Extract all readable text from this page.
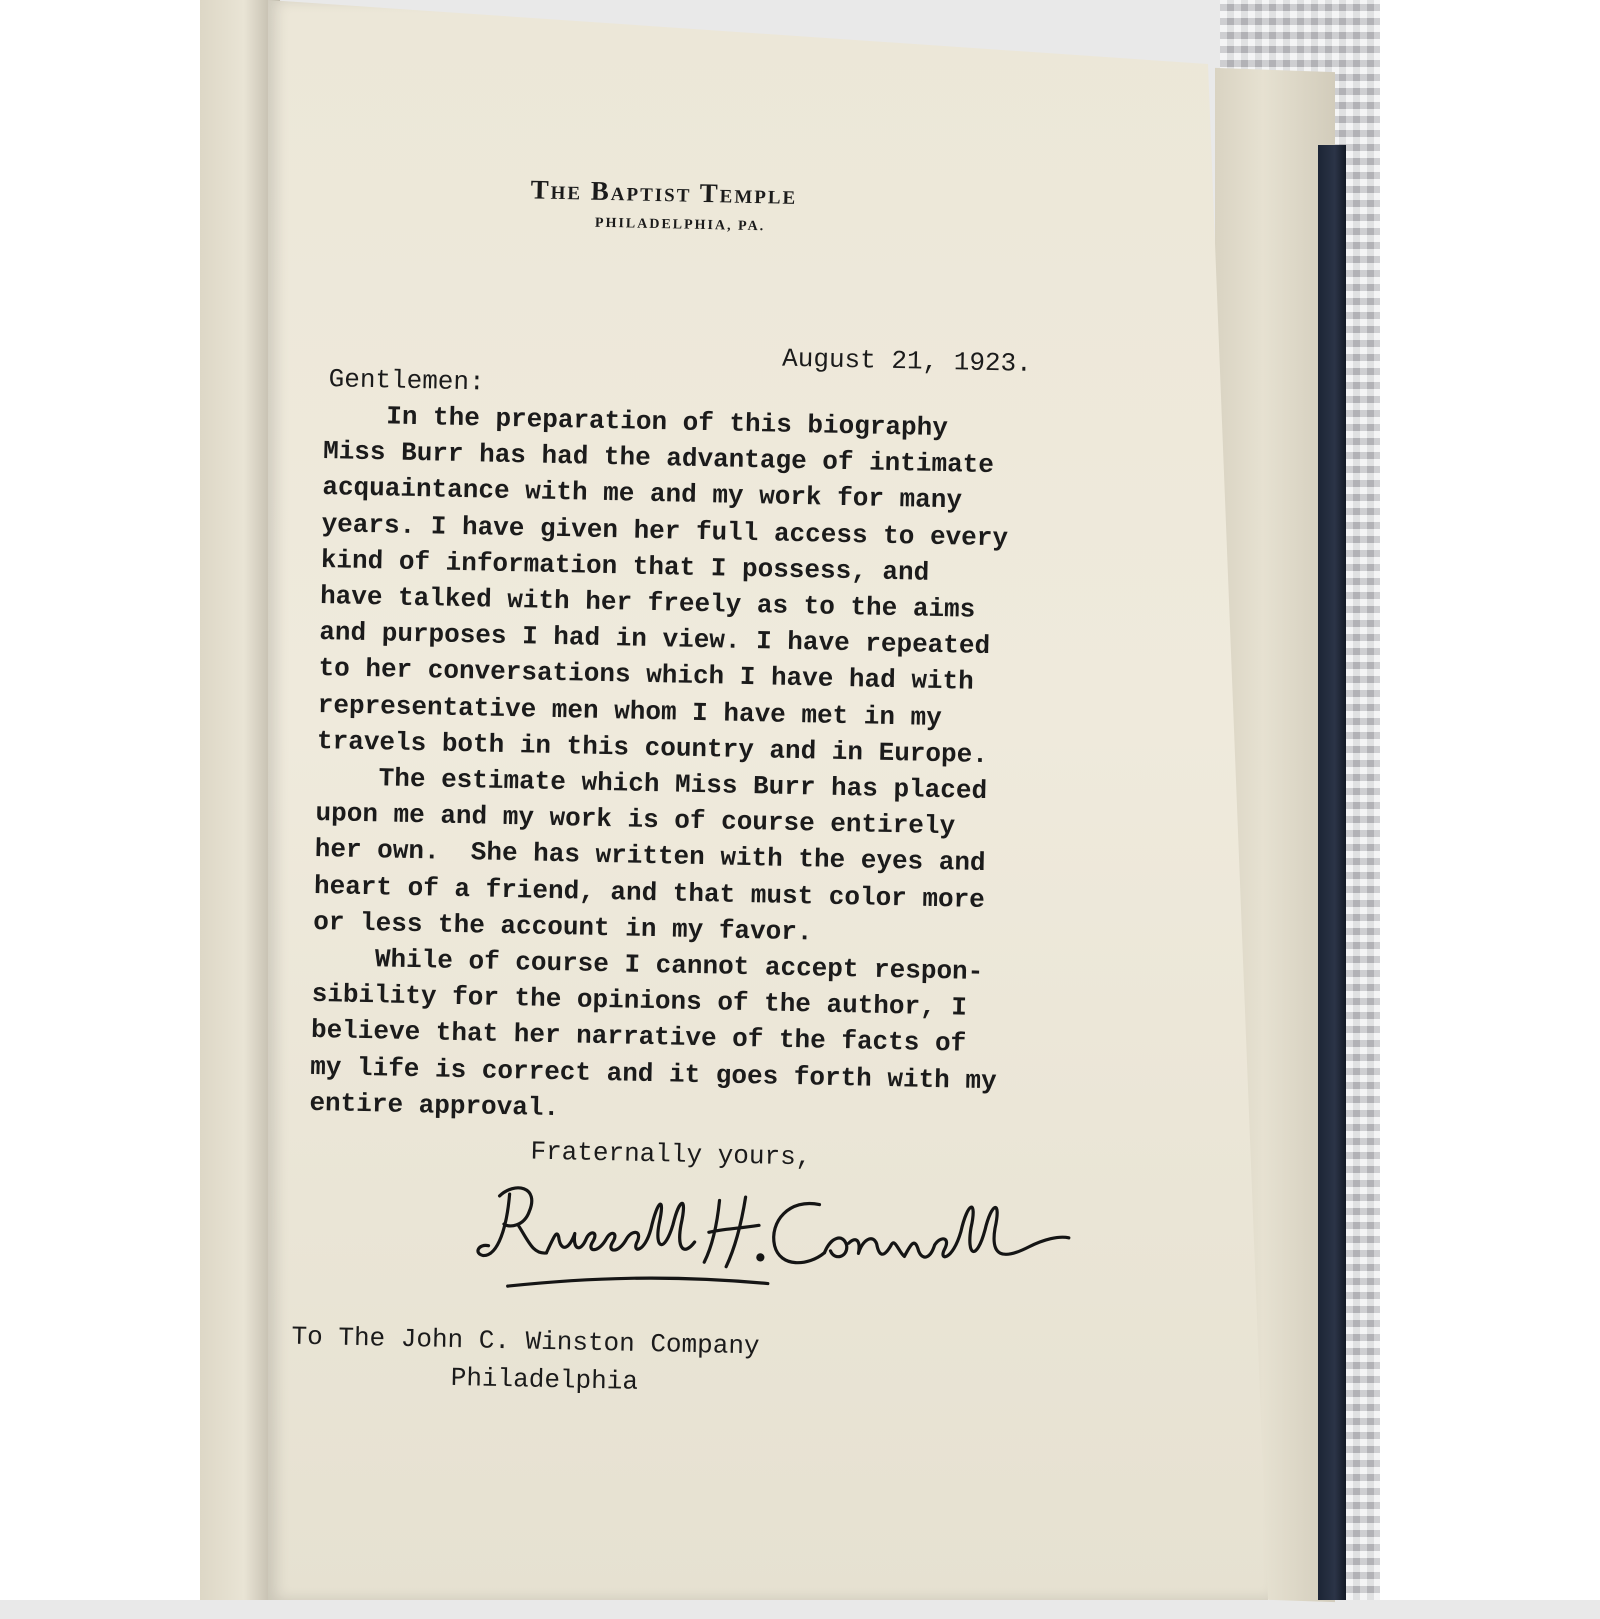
The Baptist Temple
PHILADELPHIA, PA.
August 21, 1923.
Gentlemen:
In the preparation of this biography
Miss Burr has had the advantage of intimate
acquaintance with me and my work for many
years. I have given her full access to every
kind of information that I possess, and
have talked with her freely as to the aims
and purposes I had in view. I have repeated
to her conversations which I have had with
representative men whom I have met in my
travels both in this country and in Europe.
The estimate which Miss Burr has placed
upon me and my work is of course entirely
her own.  She has written with the eyes and
heart of a friend, and that must color more
or less the account in my favor.
While of course I cannot accept respon-
sibility for the opinions of the author, I
believe that her narrative of the facts of
my life is correct and it goes forth with my
entire approval.
Fraternally yours,
To The John C. Winston Company
Philadelphia
